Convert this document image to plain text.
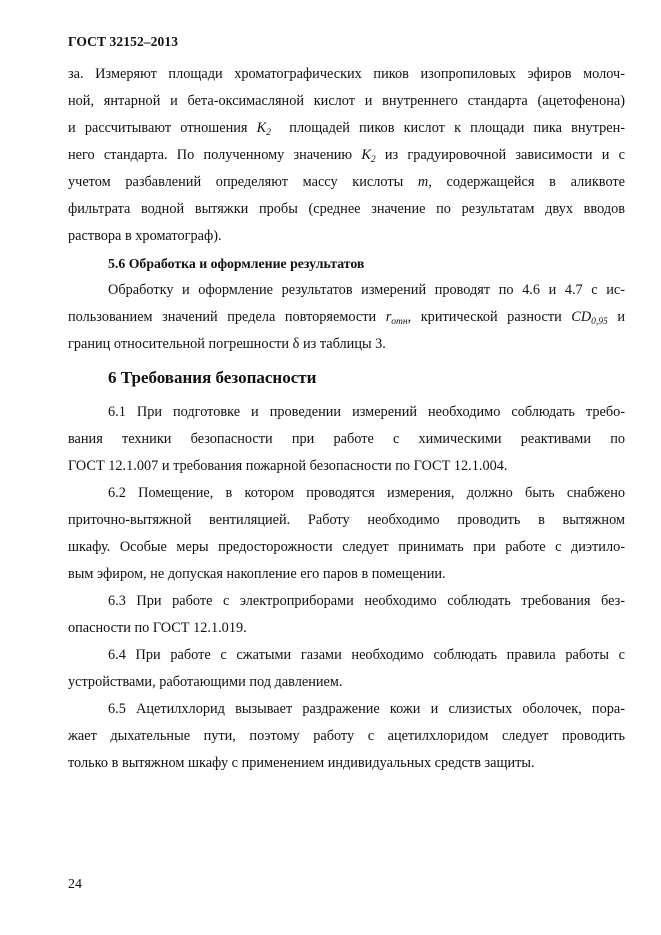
ГОСТ 32152–2013
за. Измеряют площади хроматографических пиков изопропиловых эфиров молоч-
ной, янтарной и бета-оксимасляной кислот и внутреннего стандарта (ацетофенона)
и рассчитывают отношения $K_2$ площадей пиков кислот к площади пика внутрен-
него стандарта. По полученному значению $K_2$ из градуировочной зависимости и с
учетом разбавлений определяют массу кислоты m, содержащейся в аликвоте
фильтрата водной вытяжки пробы (среднее значение по результатам двух вводов
раствора в хроматограф).
5.6 Обработка и оформление результатов
Обработку и оформление результатов измерений проводят по 4.6 и 4.7 с ис-
пользованием значений предела повторяемости $r_{отн}$, критической разности $CD_{0,95}$ и
границ относительной погрешности δ из таблицы 3.
6 Требования безопасности
6.1 При подготовке и проведении измерений необходимо соблюдать требо-
вания техники безопасности при работе с химическими реактивами по
ГОСТ 12.1.007 и требования пожарной безопасности по ГОСТ 12.1.004.
6.2 Помещение, в котором проводятся измерения, должно быть снабжено
приточно-вытяжной вентиляцией. Работу необходимо проводить в вытяжном
шкафу. Особые меры предосторожности следует принимать при работе с диэтило-
вым эфиром, не допуская накопление его паров в помещении.
6.3 При работе с электроприборами необходимо соблюдать требования без-
опасности по ГОСТ 12.1.019.
6.4 При работе с сжатыми газами необходимо соблюдать правила работы с
устройствами, работающими под давлением.
6.5 Ацетилхлорид вызывает раздражение кожи и слизистых оболочек, пора-
жает дыхательные пути, поэтому работу с ацетилхлоридом следует проводить
только в вытяжном шкафу с применением индивидуальных средств защиты.
24
